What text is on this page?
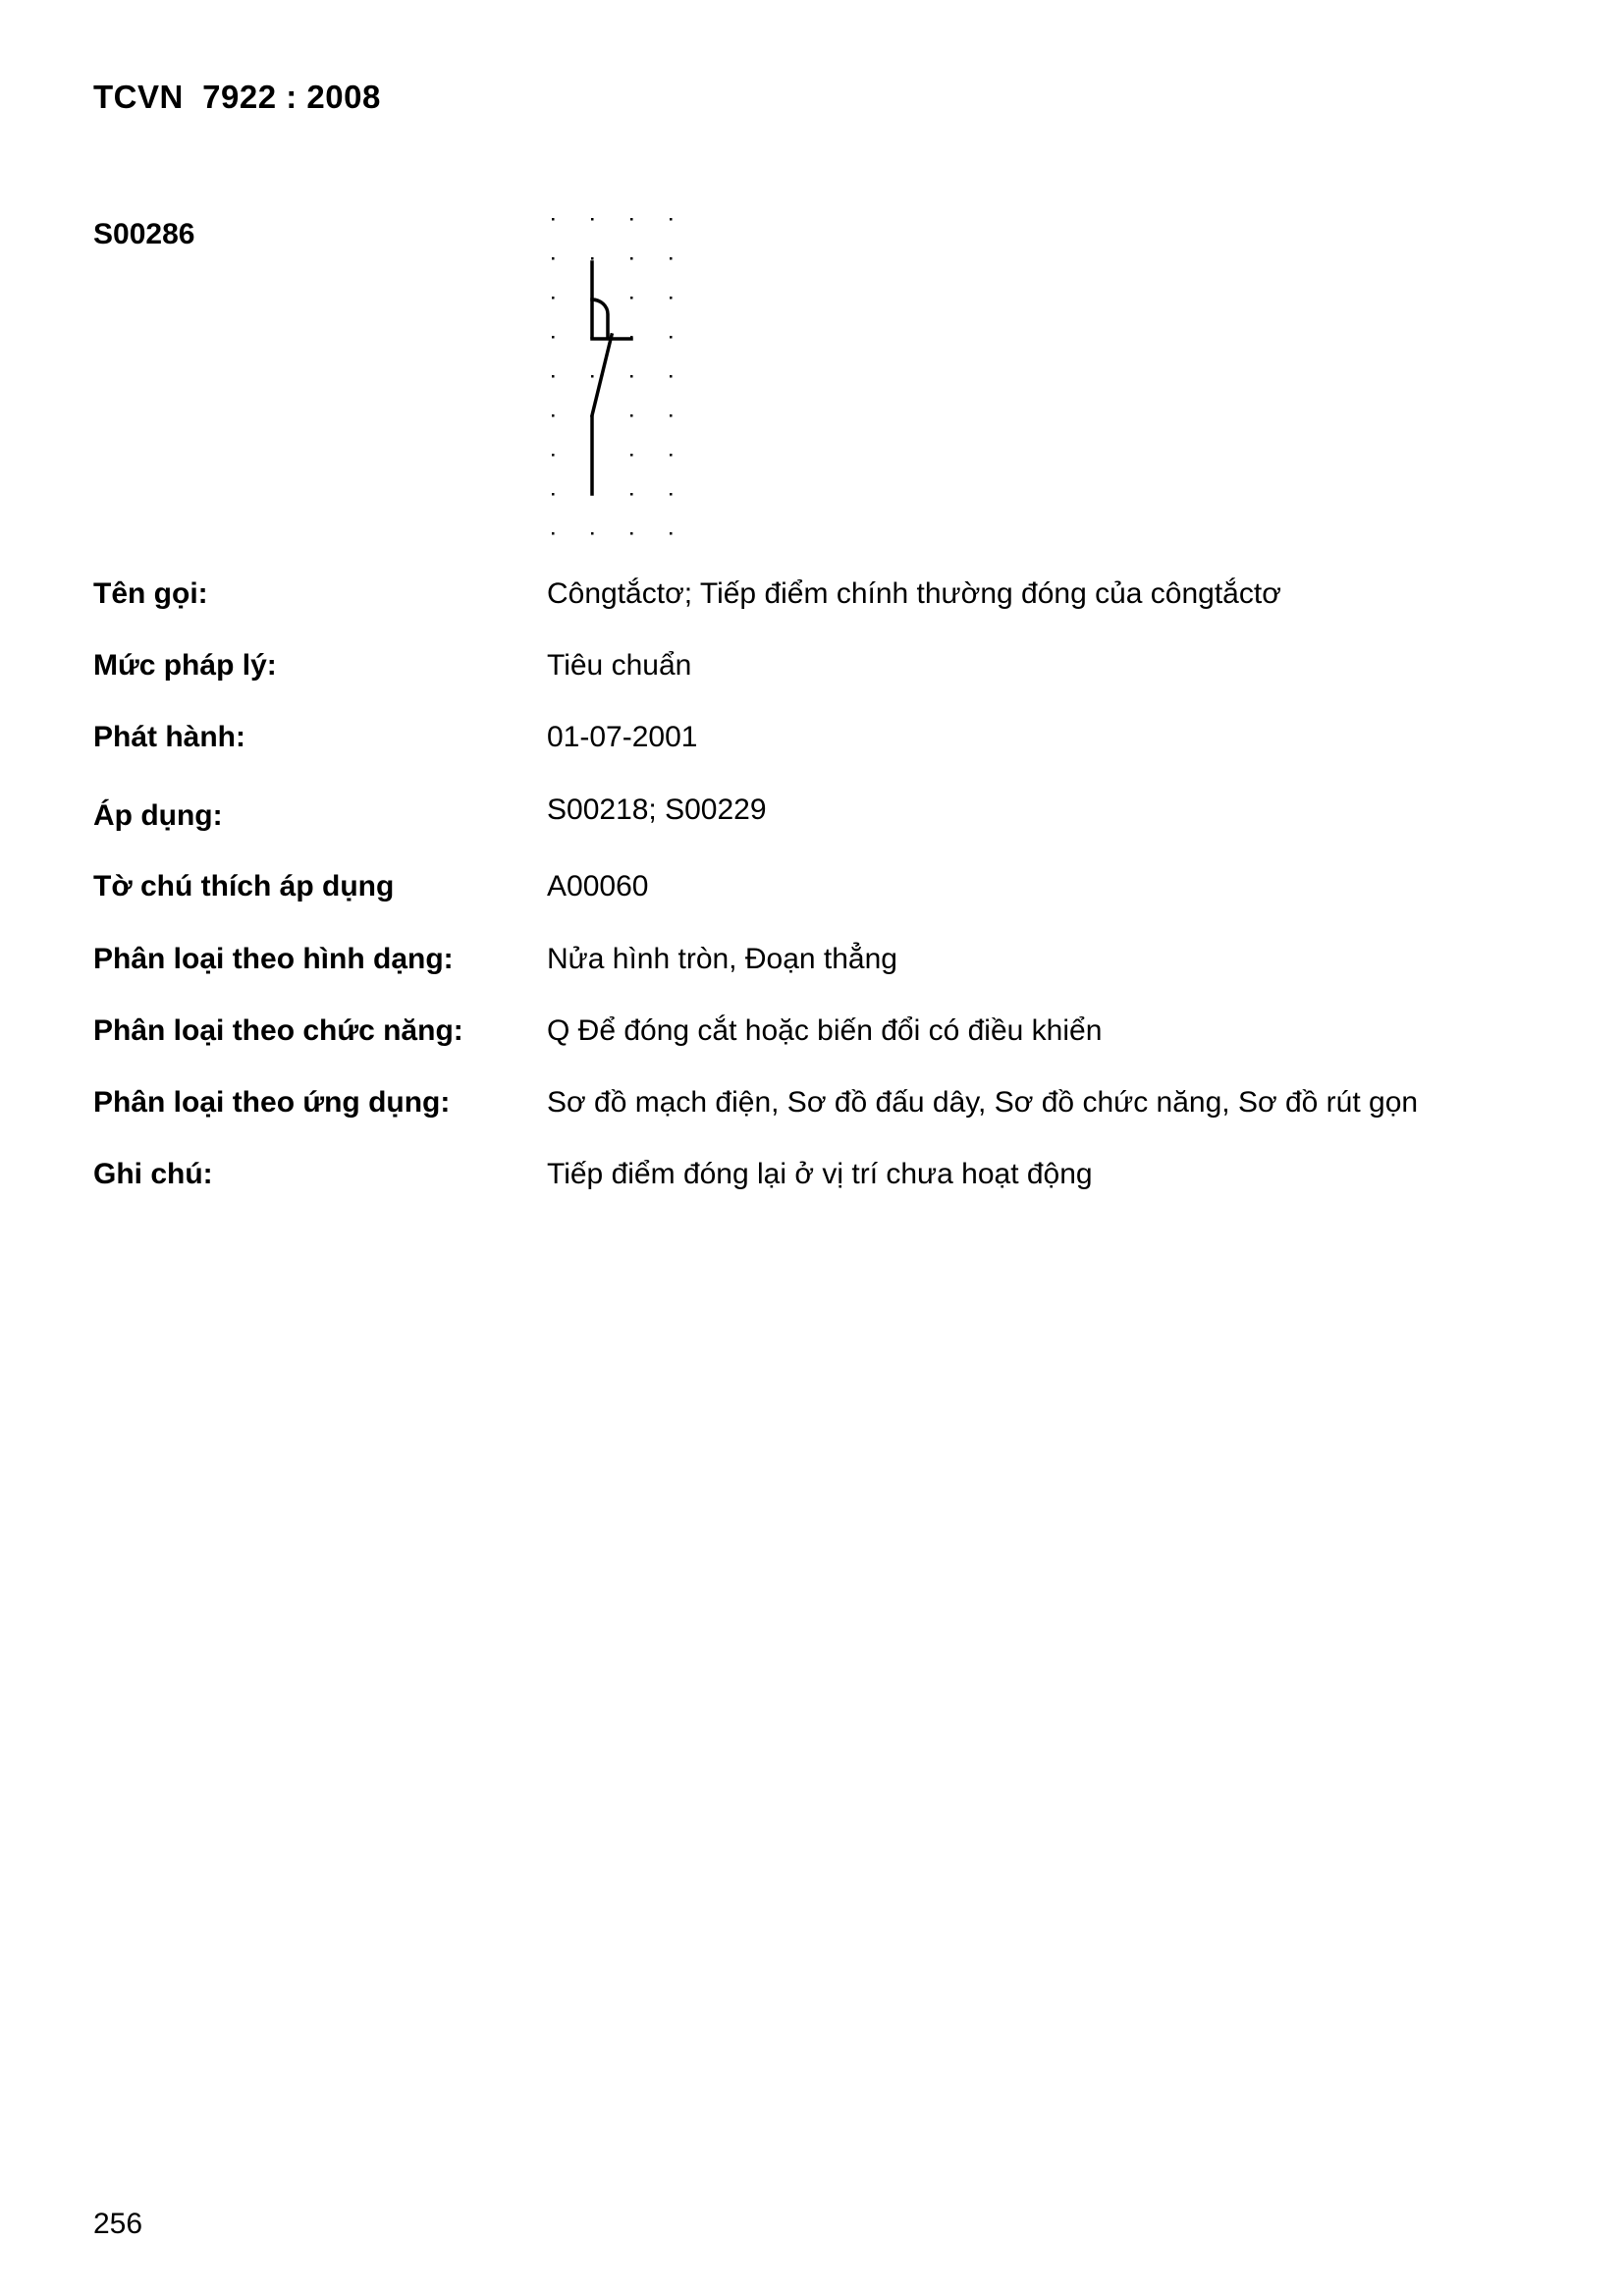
TCVN  7922 : 2008
S00286
Tên gọi:	Côngtắctơ; Tiếp điểm chính thường đóng của côngtắctơ
Mức pháp lý:	Tiêu chuẩn
Phát hành:	01-07-2001
Áp dụng:	S00218; S00229
Tờ chú thích áp dụng	A00060
Phân loại theo hình dạng:	Nửa hình tròn, Đoạn thẳng
Phân loại theo chức năng:	Q Để đóng cắt hoặc biến đổi có điều khiển
Phân loại theo ứng dụng:	Sơ đồ mạch điện, Sơ đồ đấu dây, Sơ đồ chức năng, Sơ đồ rút gọn
Ghi chú:	Tiếp điểm đóng lại ở vị trí chưa hoạt động
256
